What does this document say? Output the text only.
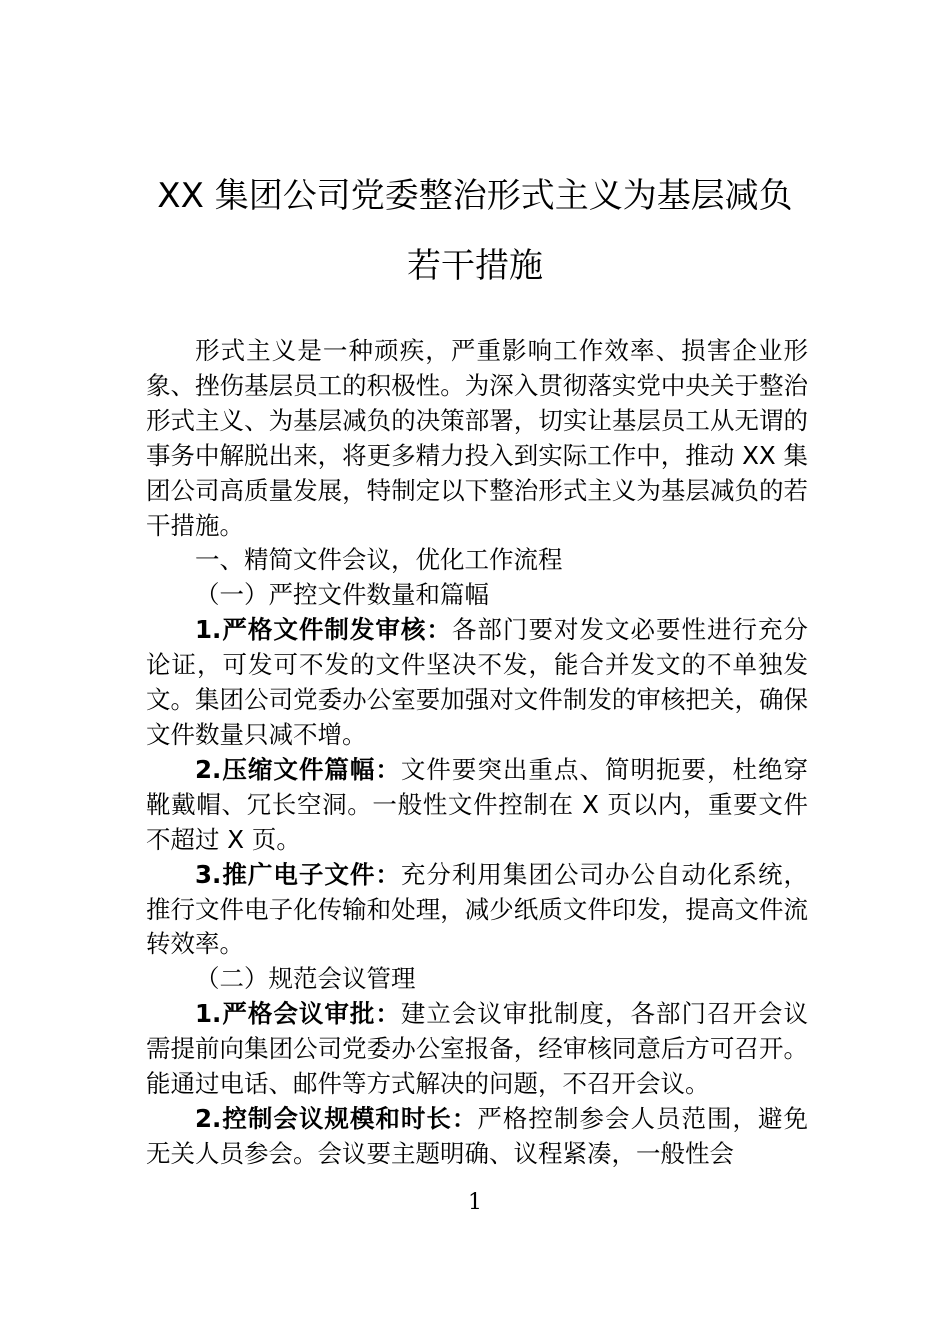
XX 集团公司党委整治形式主义为基层减负
若干措施

形式主义是一种顽疾，严重影响工作效率、损害企业形象、挫伤基层员工的积极性。为深入贯彻落实党中央关于整治形式主义、为基层减负的决策部署，切实让基层员工从无谓的事务中解脱出来，将更多精力投入到实际工作中，推动 XX 集团公司高质量发展，特制定以下整治形式主义为基层减负的若干措施。

一、精简文件会议，优化工作流程

（一）严控文件数量和篇幅

1.严格文件制发审核：各部门要对发文必要性进行充分论证，可发可不发的文件坚决不发，能合并发文的不单独发文。集团公司党委办公室要加强对文件制发的审核把关，确保文件数量只减不增。

2.压缩文件篇幅：文件要突出重点、简明扼要，杜绝穿靴戴帽、冗长空洞。一般性文件控制在 X 页以内，重要文件不超过 X 页。

3.推广电子文件：充分利用集团公司办公自动化系统，推行文件电子化传输和处理，减少纸质文件印发，提高文件流转效率。

（二）规范会议管理

1.严格会议审批：建立会议审批制度，各部门召开会议需提前向集团公司党委办公室报备，经审核同意后方可召开。能通过电话、邮件等方式解决的问题，不召开会议。

2.控制会议规模和时长：严格控制参会人员范围，避免无关人员参会。会议要主题明确、议程紧凑，一般性会

1
